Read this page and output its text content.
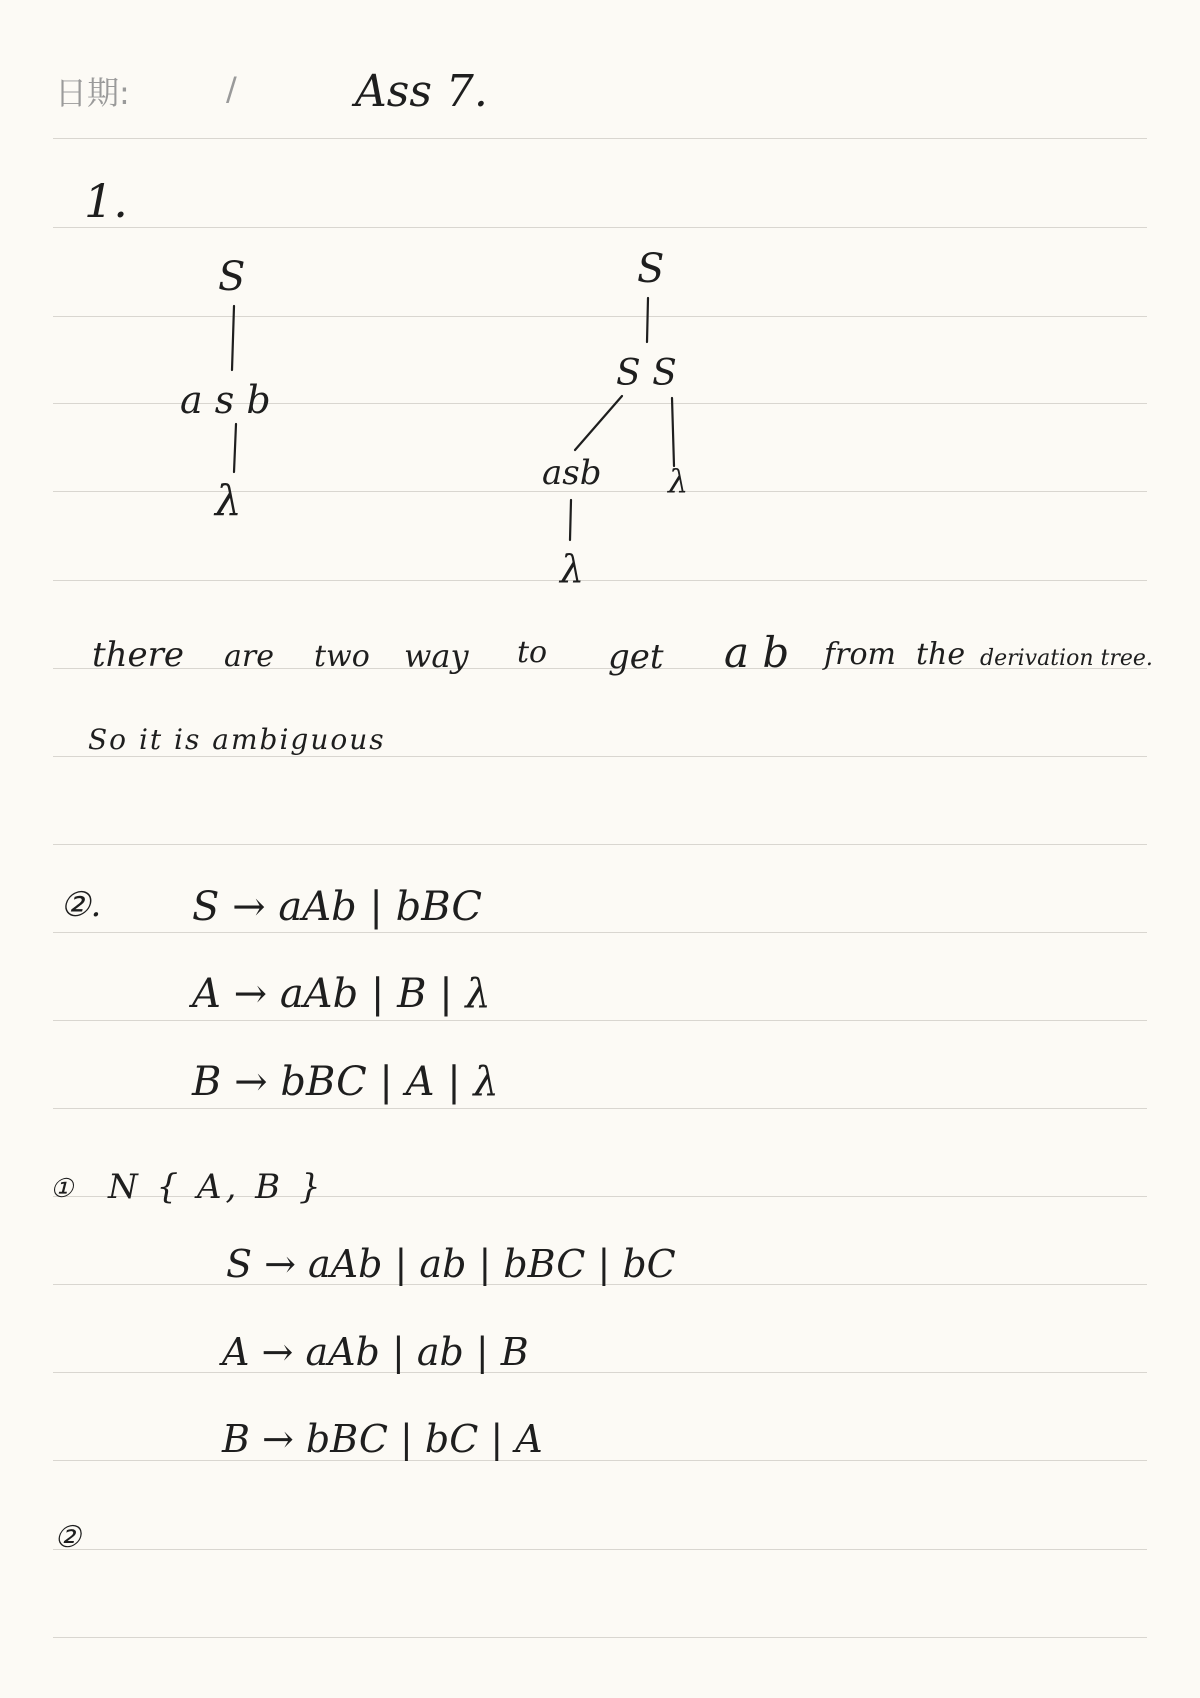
日期:	/	Ass 7.
1.
S
a s b
λ
S
S S
asb λ
λ
there are two way to get a b from the derivation tree.
So it is ambiguous
②. S → aAb | bBC
A → aAb | B | λ
B → bBC | A | λ
① N { A, B }
S → aAb | ab | bBC | bC
A → aAb | ab | B
B → bBC | bC | A
②
